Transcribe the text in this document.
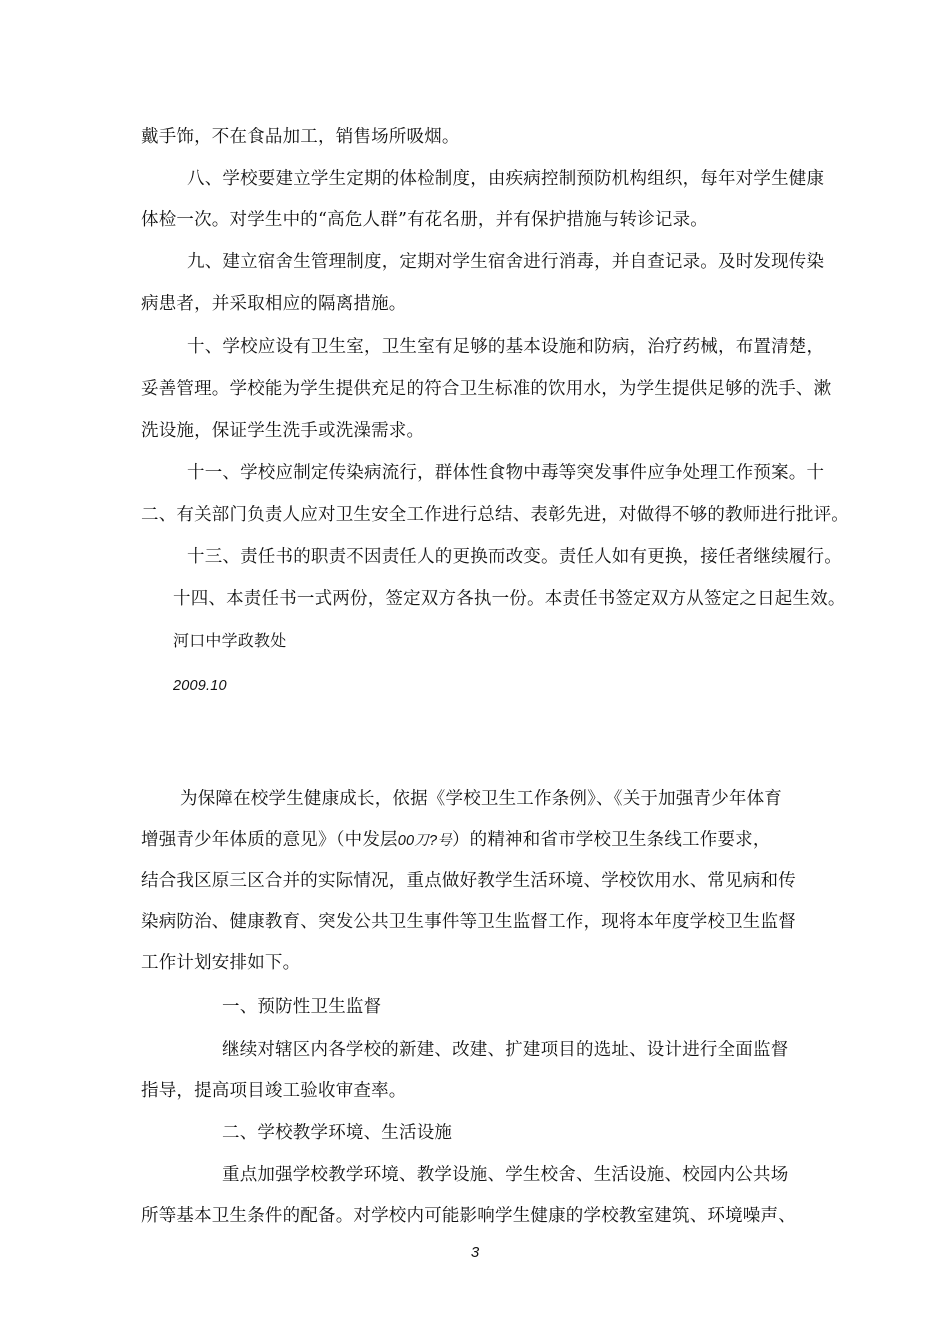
戴手饰，不在食品加工，销售场所吸烟。
八、学校要建立学生定期的体检制度，由疾病控制预防机构组织，每年对学生健康
体检一次。对学生中的“高危人群”有花名册，并有保护措施与转诊记录。
九、建立宿舍生管理制度，定期对学生宿舍进行消毒，并自查记录。及时发现传染
病患者，并采取相应的隔离措施。
十、学校应设有卫生室，卫生室有足够的基本设施和防病，治疗药械，布置清楚，
妥善管理。学校能为学生提供充足的符合卫生标准的饮用水，为学生提供足够的洗手、漱
洗设施，保证学生洗手或洗澡需求。
十一、学校应制定传染病流行，群体性食物中毒等突发事件应争处理工作预案。十
二、有关部门负责人应对卫生安全工作进行总结、表彰先进，对做得不够的教师进行批评。
十三、责任书的职责不因责任人的更换而改变。责任人如有更换，接任者继续履行。
十四、本责任书一式两份，签定双方各执一份。本责任书签定双方从签定之日起生效。
河口中学政教处
2009.10
为保障在校学生健康成长，依据《学校卫生工作条例》、《关于加强青少年体育
增强青少年体质的意见》（中发层00刀?号）的精神和省市学校卫生条线工作要求，
结合我区原三区合并的实际情况，重点做好教学生活环境、学校饮用水、常见病和传
染病防治、健康教育、突发公共卫生事件等卫生监督工作，现将本年度学校卫生监督
工作计划安排如下。
一、预防性卫生监督
继续对辖区内各学校的新建、改建、扩建项目的选址、设计进行全面监督
指导，提高项目竣工验收审查率。
二、学校教学环境、生活设施
重点加强学校教学环境、教学设施、学生校舍、生活设施、校园内公共场
所等基本卫生条件的配备。对学校内可能影响学生健康的学校教室建筑、环境噪声、
3
